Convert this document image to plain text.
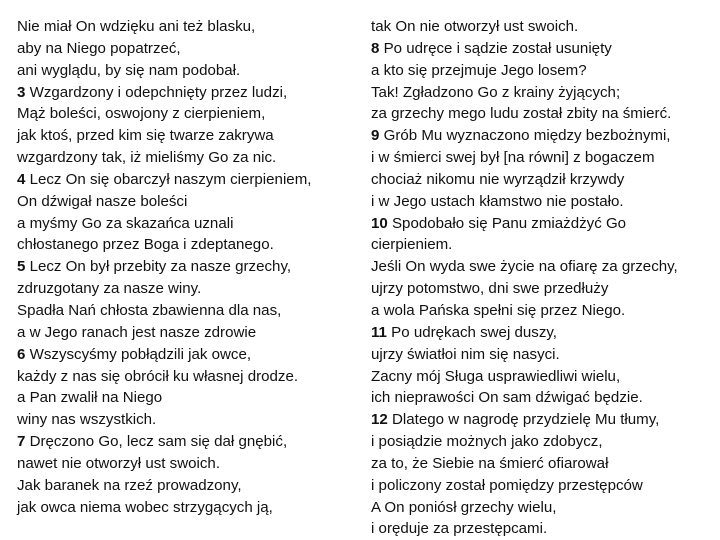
Nie miał On wdzięku ani też blasku,
aby na Niego popatrzeć,
ani wyglądu, by się nam podobał.
3 Wzgardzony i odepchnięty przez ludzi,
Mąż boleści, oswojony z cierpieniem,
jak ktoś, przed kim się twarze zakrywa
wzgardzony tak, iż mieliśmy Go za nic.
4 Lecz On się obarczył naszym cierpieniem,
On dźwigał nasze boleści
a myśmy Go za skazańca uznali
chłostanego przez Boga i zdeptanego.
5 Lecz On był przebity za nasze grzechy,
zdruzgotany za nasze winy.
Spadła Nań chłosta zbawienna dla nas,
a w Jego ranach jest nasze zdrowie
6 Wszyscyśmy pobłądzili jak owce,
każdy z nas się obrócił ku własnej drodze.
a Pan zwalił na Niego
winy nas wszystkich.
7 Dręczono Go, lecz sam się dał gnębić,
nawet nie otworzył ust swoich.
Jak baranek na rzeź prowadzony,
jak owca niema wobec strzygących ją,
tak On nie otworzył ust swoich.
8 Po udręce i sądzie został usunięty
a kto się przejmuje Jego losem?
Tak! Zgładzono Go z krainy żyjących;
za grzechy mego ludu został zbity na śmierć.
9 Grób Mu wyznaczono między bezbożnymi,
i w śmierci swej był [na równi] z bogaczem
chociaż nikomu nie wyrządził krzywdy
i w Jego ustach kłamstwo nie postało.
10 Spodobało się Panu zmiażdżyć Go
cierpieniem.
Jeśli On wyda swe życie na ofiarę za grzechy,
ujrzy potomstwo, dni swe przedłuży
a wola Pańska spełni się przez Niego.
11 Po udrękach swej duszy,
ujrzy światłoi nim się nasyci.
Zacny mój Sługa usprawiedliwi wielu,
ich nieprawości On sam dźwigać będzie.
12 Dlatego w nagrodę przydzielę Mu tłumy,
i posiądzie możnych jako zdobycz,
za to, że Siebie na śmierć ofiarował
i policzony został pomiędzy przestępców
A On poniósł grzechy wielu,
i oręduje za przestępcami.
